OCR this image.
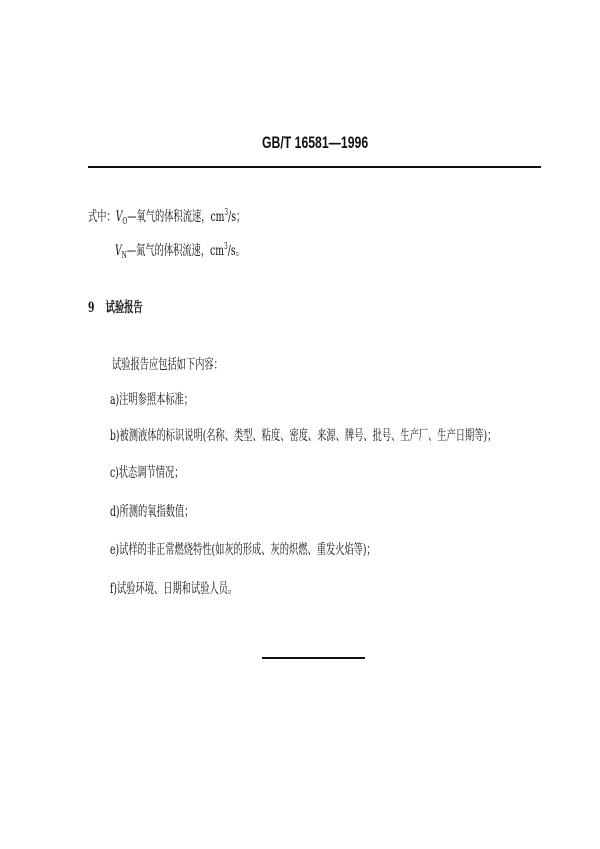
GB/T 16581—1996
式中：$V_O—$氧气的体积流速，$cm^3/s$；
$V_N—$氮气的体积流速，$cm^3/s$。
9 试验报告
试验报告应包括如下内容：
a)注明参照本标准；
b)被测液体的标识说明(名称、类型、粘度、密度、来源、牌号、批号、生产厂、生产日期等)；
c)状态调节情况；
d)所测的氧指数值；
e)试样的非正常燃烧特性(如灰的形成、灰的炽燃、重发火焰等)；
f)试验环境、日期和试验人员。
